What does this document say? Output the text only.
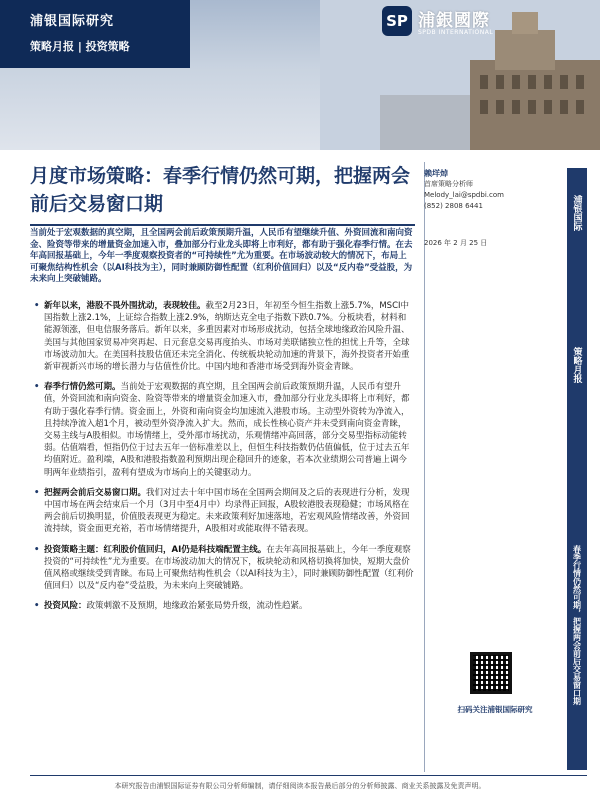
浦银国际研究
策略月报 | 投资策略
SP 浦銀國際
SPDB INTERNATIONAL
月度市场策略：春季行情仍然可期，把握两会前后交易窗口期
当前处于宏观数据的真空期，且全国两会前后政策预期升温，人民币有望继续升值、外资回流和南向资金、险资等带来的增量资金加速入市，叠加部分行业龙头即将上市利好，都有助于强化春季行情。在去年高回报基础上，今年一季度观察投资者的“可持续性”尤为重要。在市场波动较大的情况下，布局上可聚焦结构性机会（以AI科技为主），同时兼顾防御性配置（红利价值回归）以及“反内卷”受益股，为未来向上突破铺路。
赖垟焯
首席策略分析师
Melody_lai@spdbi.com
(852) 2808 6441
2026 年 2 月 25 日
浦银国际
策略月报
春季行情仍然可期，把握两会前后交易窗口期
• 新年以来，港股不畏外围扰动，表现较佳。截至2月23日，年初至今恒生指数上涨5.7%，MSCI中国指数上涨2.1%，上证综合指数上涨2.9%，纳斯达克全电子指数下跌0.7%。分板块看，材料和能源领涨，但电信服务落后。新年以来，多重因素对市场形成扰动，包括全球地缘政治风险升温、美国与其他国家贸易冲突再起、日元套息交易再度抬头、市场对美联储独立性的担忧上升等，全球市场波动加大。在美国科技股估值还未完全消化、传统板块轮动加速的背景下，海外投资者开始重新审视新兴市场的增长潜力与估值性价比。中国内地和香港市场受到海外资金青睐。
• 春季行情仍然可期。当前处于宏观数据的真空期，且全国两会前后政策预期升温，人民币有望升值，外资回流和南向资金、险资等带来的增量资金加速入市，叠加部分行业龙头即将上市利好，都有助于强化春季行情。资金面上，外资和南向资金均加速流入港股市场。主动型外资转为净流入，且持续净流入超1个月，被动型外资净流入扩大。然而，成长性核心资产并未受到南向资金青睐，交易主线与A股相似。市场情绪上，受外部市场扰动，乐观情绪冲高回落，部分交易型指标动能转弱。估值端看，恒指仍位于过去五年一倍标准差以上，但恒生科技指数仍估值偏低，位于过去五年均值附近。盈利端，A股和港股指数盈利预期出现企稳回升的迹象，若本次业绩期公司普遍上调今明两年业绩指引，盈利有望成为市场向上的关键驱动力。
• 把握两会前后交易窗口期。我们对过去十年中国市场在全国两会期间及之后的表现进行分析，发现中国市场在两会结束后一个月（3月中至4月中）均录得正回报，A股较港股表现稳健；市场风格在两会前后切换明显，价值股表现更为稳定。未来政策利好加速落地，若宏观风险情绪改善，外资回流持续，资金面更充裕，若市场情绪提升，A股相对或能取得不错表现。
• 投资策略主题：红利股价值回归，AI仍是科技端配置主线。在去年高回报基础上，今年一季度观察投资的“可持续性”尤为重要。在市场波动加大的情况下，板块轮动和风格切换将加快，短期大盘价值风格或继续受到青睐。布局上可聚焦结构性机会（以AI科技为主），同时兼顾防御性配置（红利价值回归）以及“反内卷”受益股，为未来向上突破铺路。
• 投资风险：政策刺激不及预期，地缘政治紧张局势升级，流动性趋紧。
扫码关注浦银国际研究
本研究报告由浦银国际证券有限公司分析师编制，请仔细阅读本报告最后部分的分析师披露、商业关系披露及免责声明。
